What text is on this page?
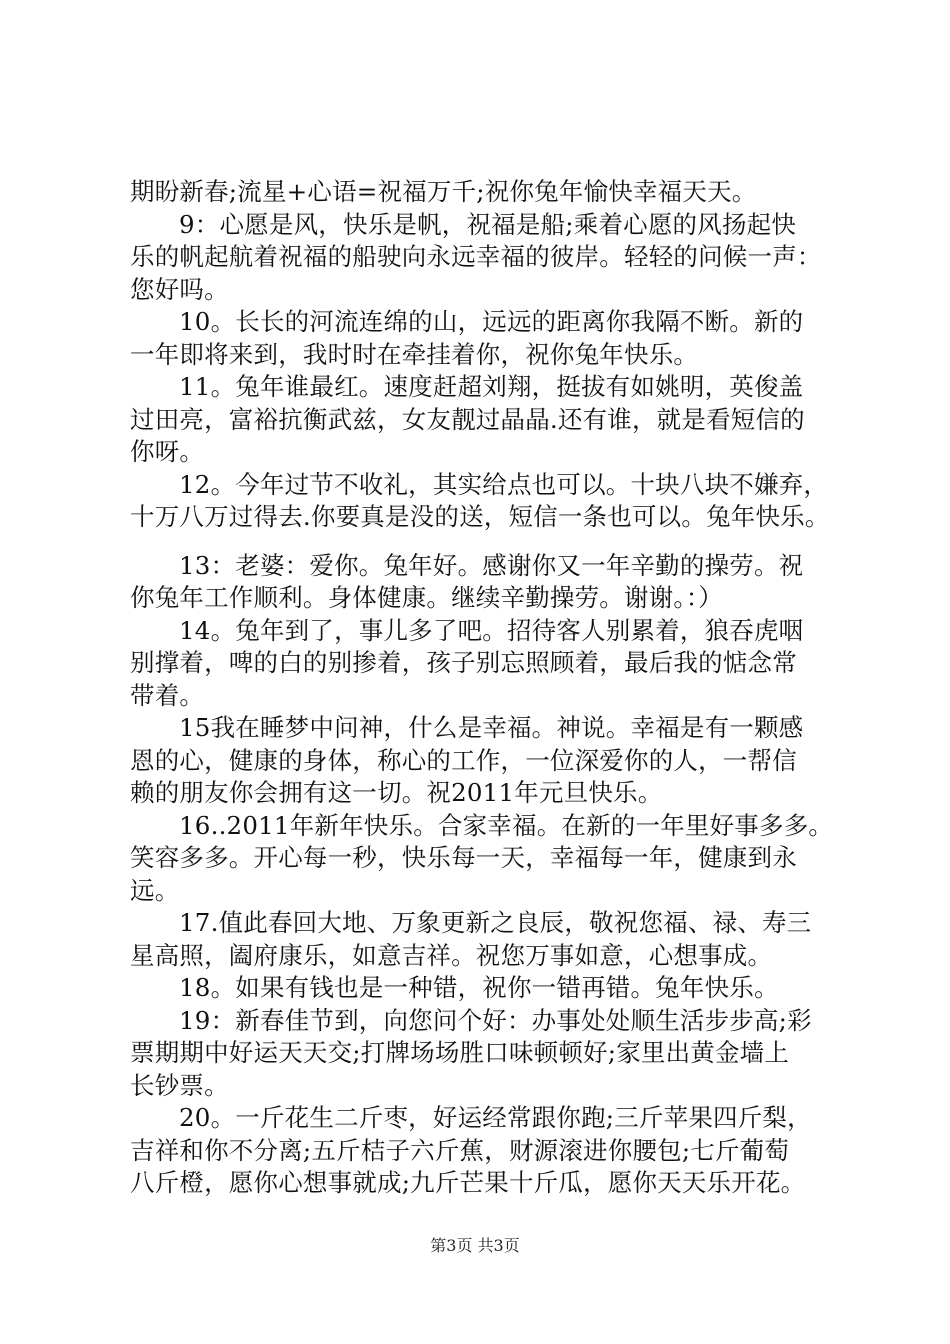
期盼新春;流星+心语=祝福万千;祝你兔年愉快幸福天天。
9：心愿是风，快乐是帆，祝福是船;乘着心愿的风扬起快
乐的帆起航着祝福的船驶向永远幸福的彼岸。轻轻的问候一声：
您好吗。
10。长长的河流连绵的山，远远的距离你我隔不断。新的
一年即将来到，我时时在牵挂着你，祝你兔年快乐。
11。兔年谁最红。速度赶超刘翔，挺拔有如姚明，英俊盖
过田亮，富裕抗衡武兹，女友靓过晶晶.还有谁，就是看短信的
你呀。
12。今年过节不收礼，其实给点也可以。十块八块不嫌弃，
十万八万过得去.你要真是没的送，短信一条也可以。兔年快乐。
13：老婆：爱你。兔年好。感谢你又一年辛勤的操劳。祝
你兔年工作顺利。身体健康。继续辛勤操劳。谢谢。：）
14。兔年到了，事儿多了吧。招待客人别累着，狼吞虎咽
别撑着，啤的白的别掺着，孩子别忘照顾着，最后我的惦念常
带着。
15我在睡梦中问神，什么是幸福。神说。幸福是有一颗感
恩的心，健康的身体，称心的工作，一位深爱你的人，一帮信
赖的朋友你会拥有这一切。祝2011年元旦快乐。
16..2011年新年快乐。合家幸福。在新的一年里好事多多。
笑容多多。开心每一秒，快乐每一天，幸福每一年，健康到永
远。
17.值此春回大地、万象更新之良辰，敬祝您福、禄、寿三
星高照，阖府康乐，如意吉祥。祝您万事如意，心想事成。
18。如果有钱也是一种错，祝你一错再错。兔年快乐。
19：新春佳节到，向您问个好：办事处处顺生活步步高;彩
票期期中好运天天交;打牌场场胜口味顿顿好;家里出黄金墙上
长钞票。
20。一斤花生二斤枣，好运经常跟你跑;三斤苹果四斤梨，
吉祥和你不分离;五斤桔子六斤蕉，财源滚进你腰包;七斤葡萄
八斤橙，愿你心想事就成;九斤芒果十斤瓜，愿你天天乐开花。
第3页 共3页
